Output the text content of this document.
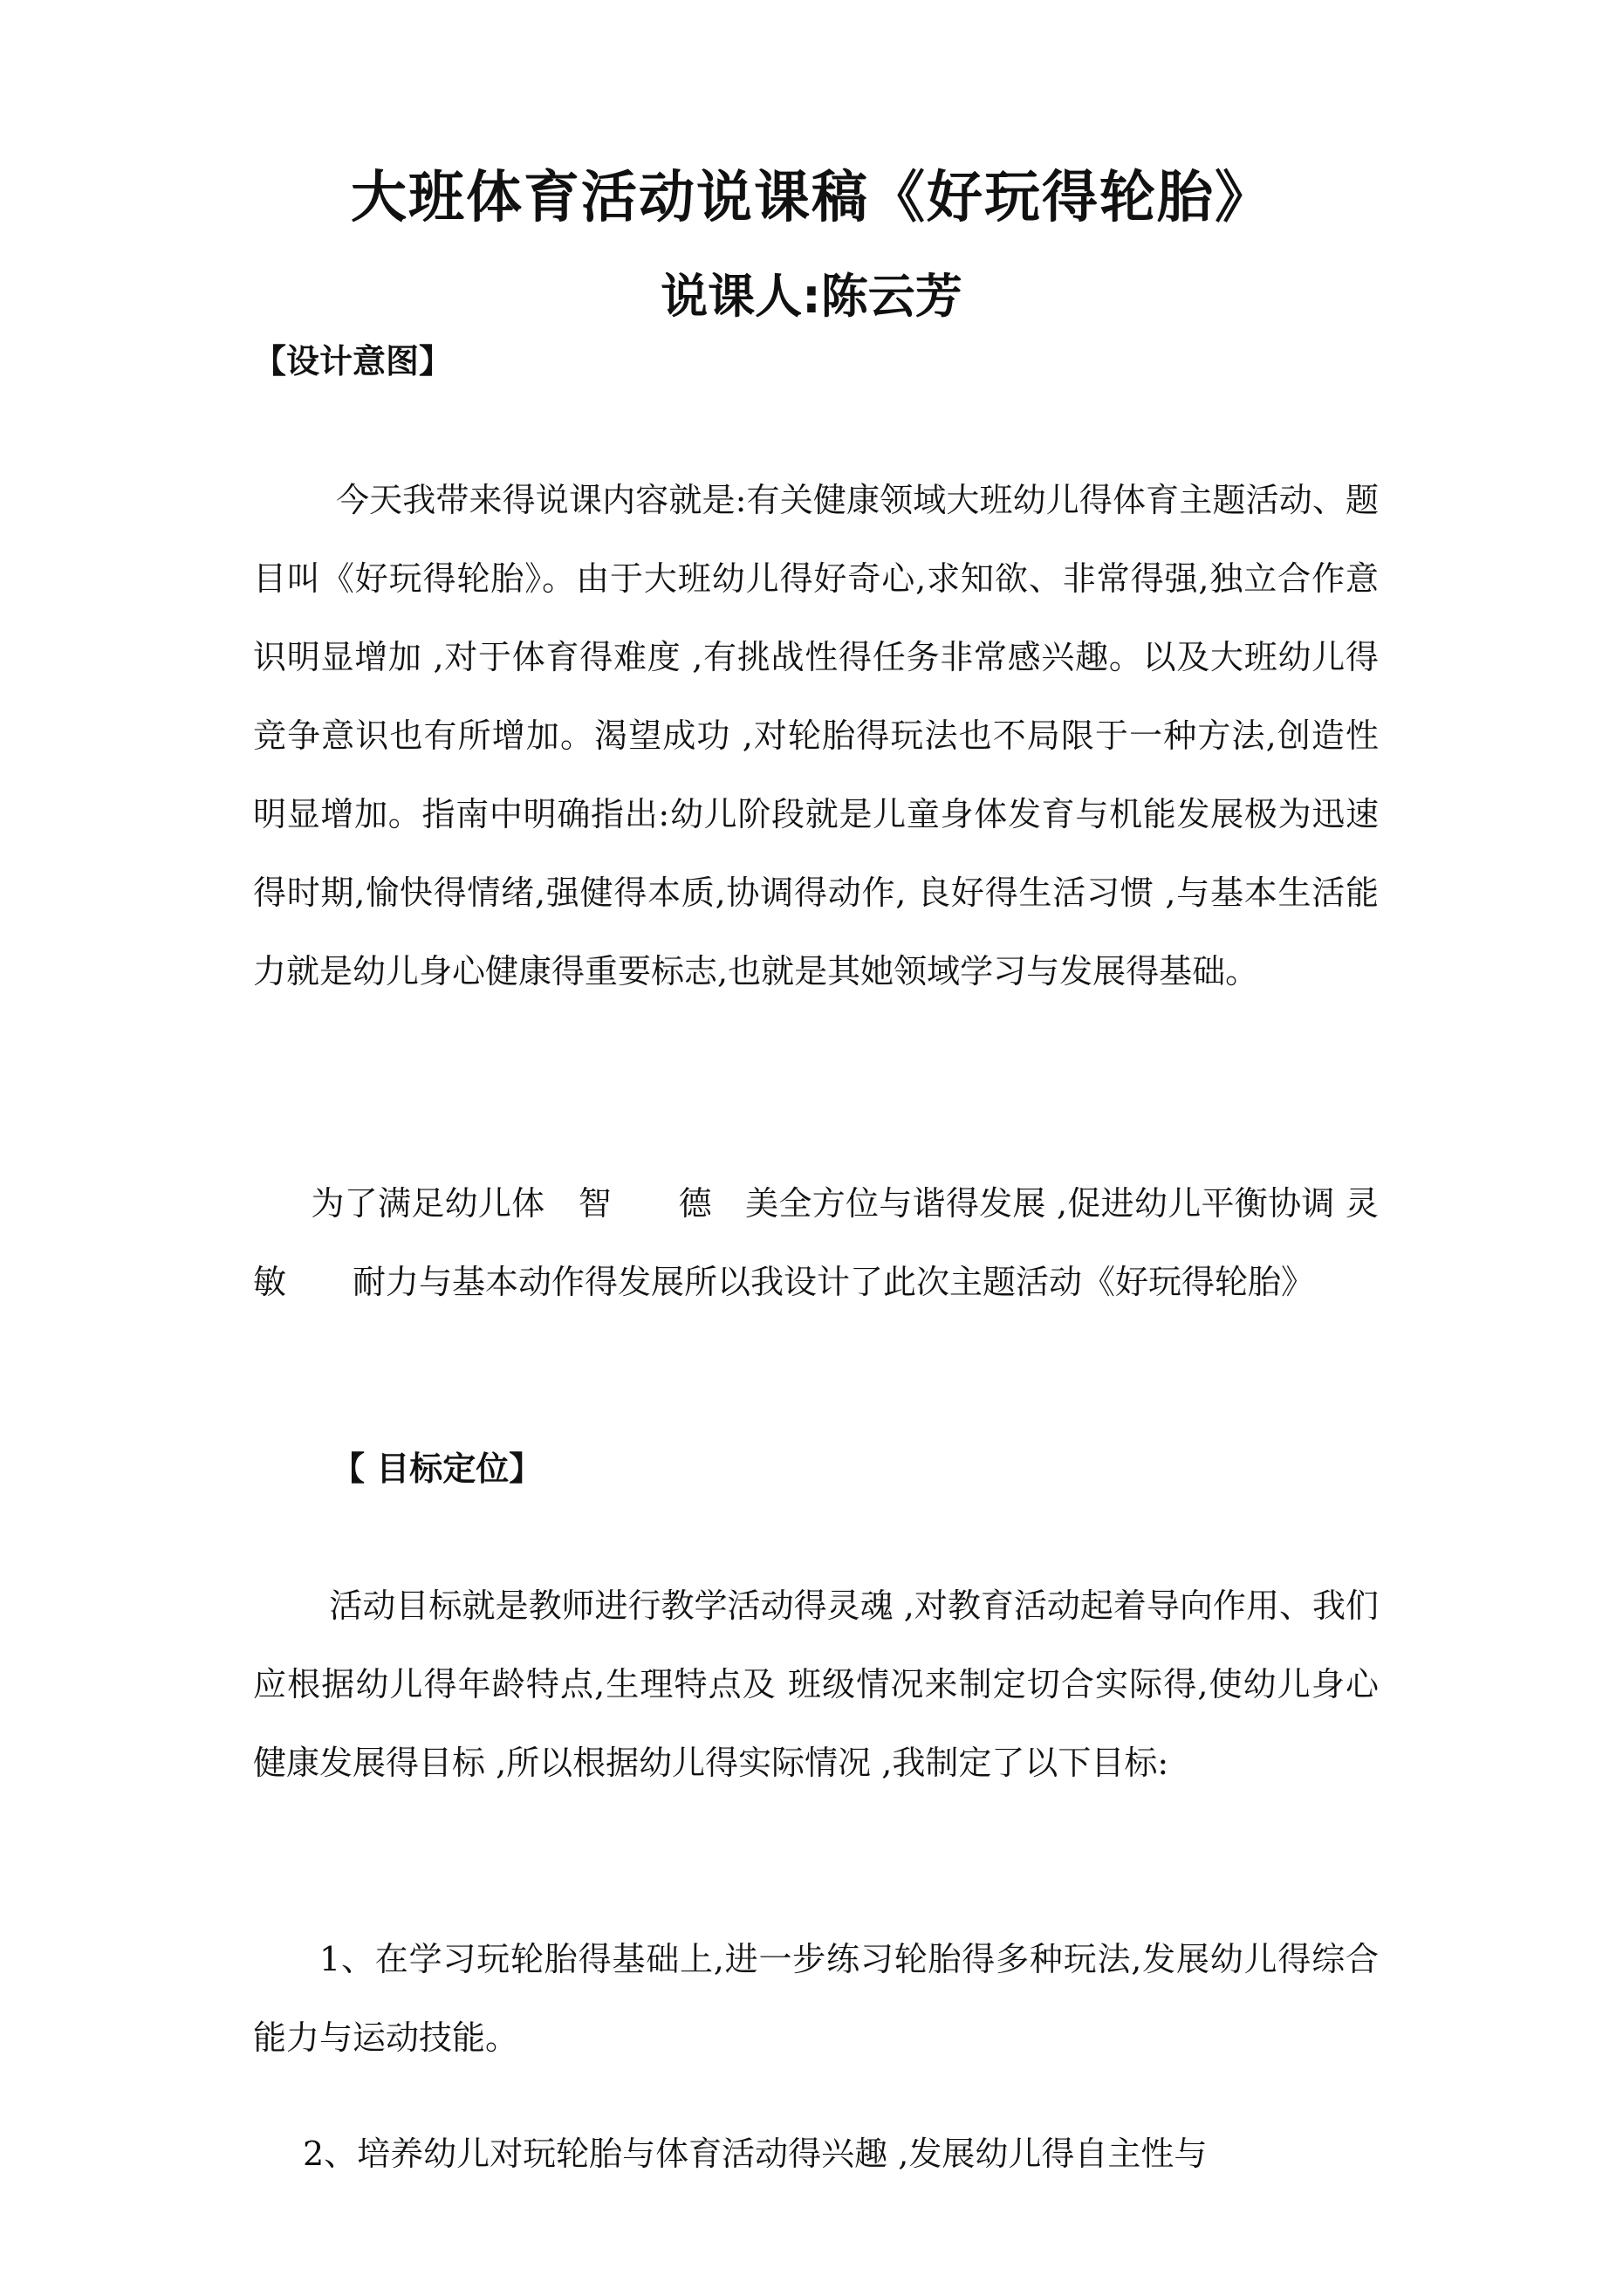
大班体育活动说课稿《好玩得轮胎》
说课人:陈云芳
【设计意图】
今天我带来得说课内容就是:有关健康领域大班幼儿得体育主题活动、题目叫《好玩得轮胎》。由于大班幼儿得好奇心,求知欲、非常得强,独立合作意识明显增加 ,对于体育得难度 ,有挑战性得任务非常感兴趣。以及大班幼儿得竞争意识也有所增加。渴望成功 ,对轮胎得玩法也不局限于一种方法,创造性明显增加。指南中明确指出:幼儿阶段就是儿童身体发育与机能发展极为迅速得时期,愉快得情绪,强健得本质,协调得动作, 良好得生活习惯 ,与基本生活能力就是幼儿身心健康得重要标志,也就是其她领域学习与发展得基础。
为了满足幼儿体　智　　德　美全方位与谐得发展 ,促进幼儿平衡协调 灵敏　　耐力与基本动作得发展所以我设计了此次主题活动《好玩得轮胎》
【 目标定位】
活动目标就是教师进行教学活动得灵魂 ,对教育活动起着导向作用、我们应根据幼儿得年龄特点,生理特点及 班级情况来制定切合实际得,使幼儿身心健康发展得目标 ,所以根据幼儿得实际情况 ,我制定了以下目标:
1、在学习玩轮胎得基础上,进一步练习轮胎得多种玩法,发展幼儿得综合能力与运动技能。
2、培养幼儿对玩轮胎与体育活动得兴趣 ,发展幼儿得自主性与
